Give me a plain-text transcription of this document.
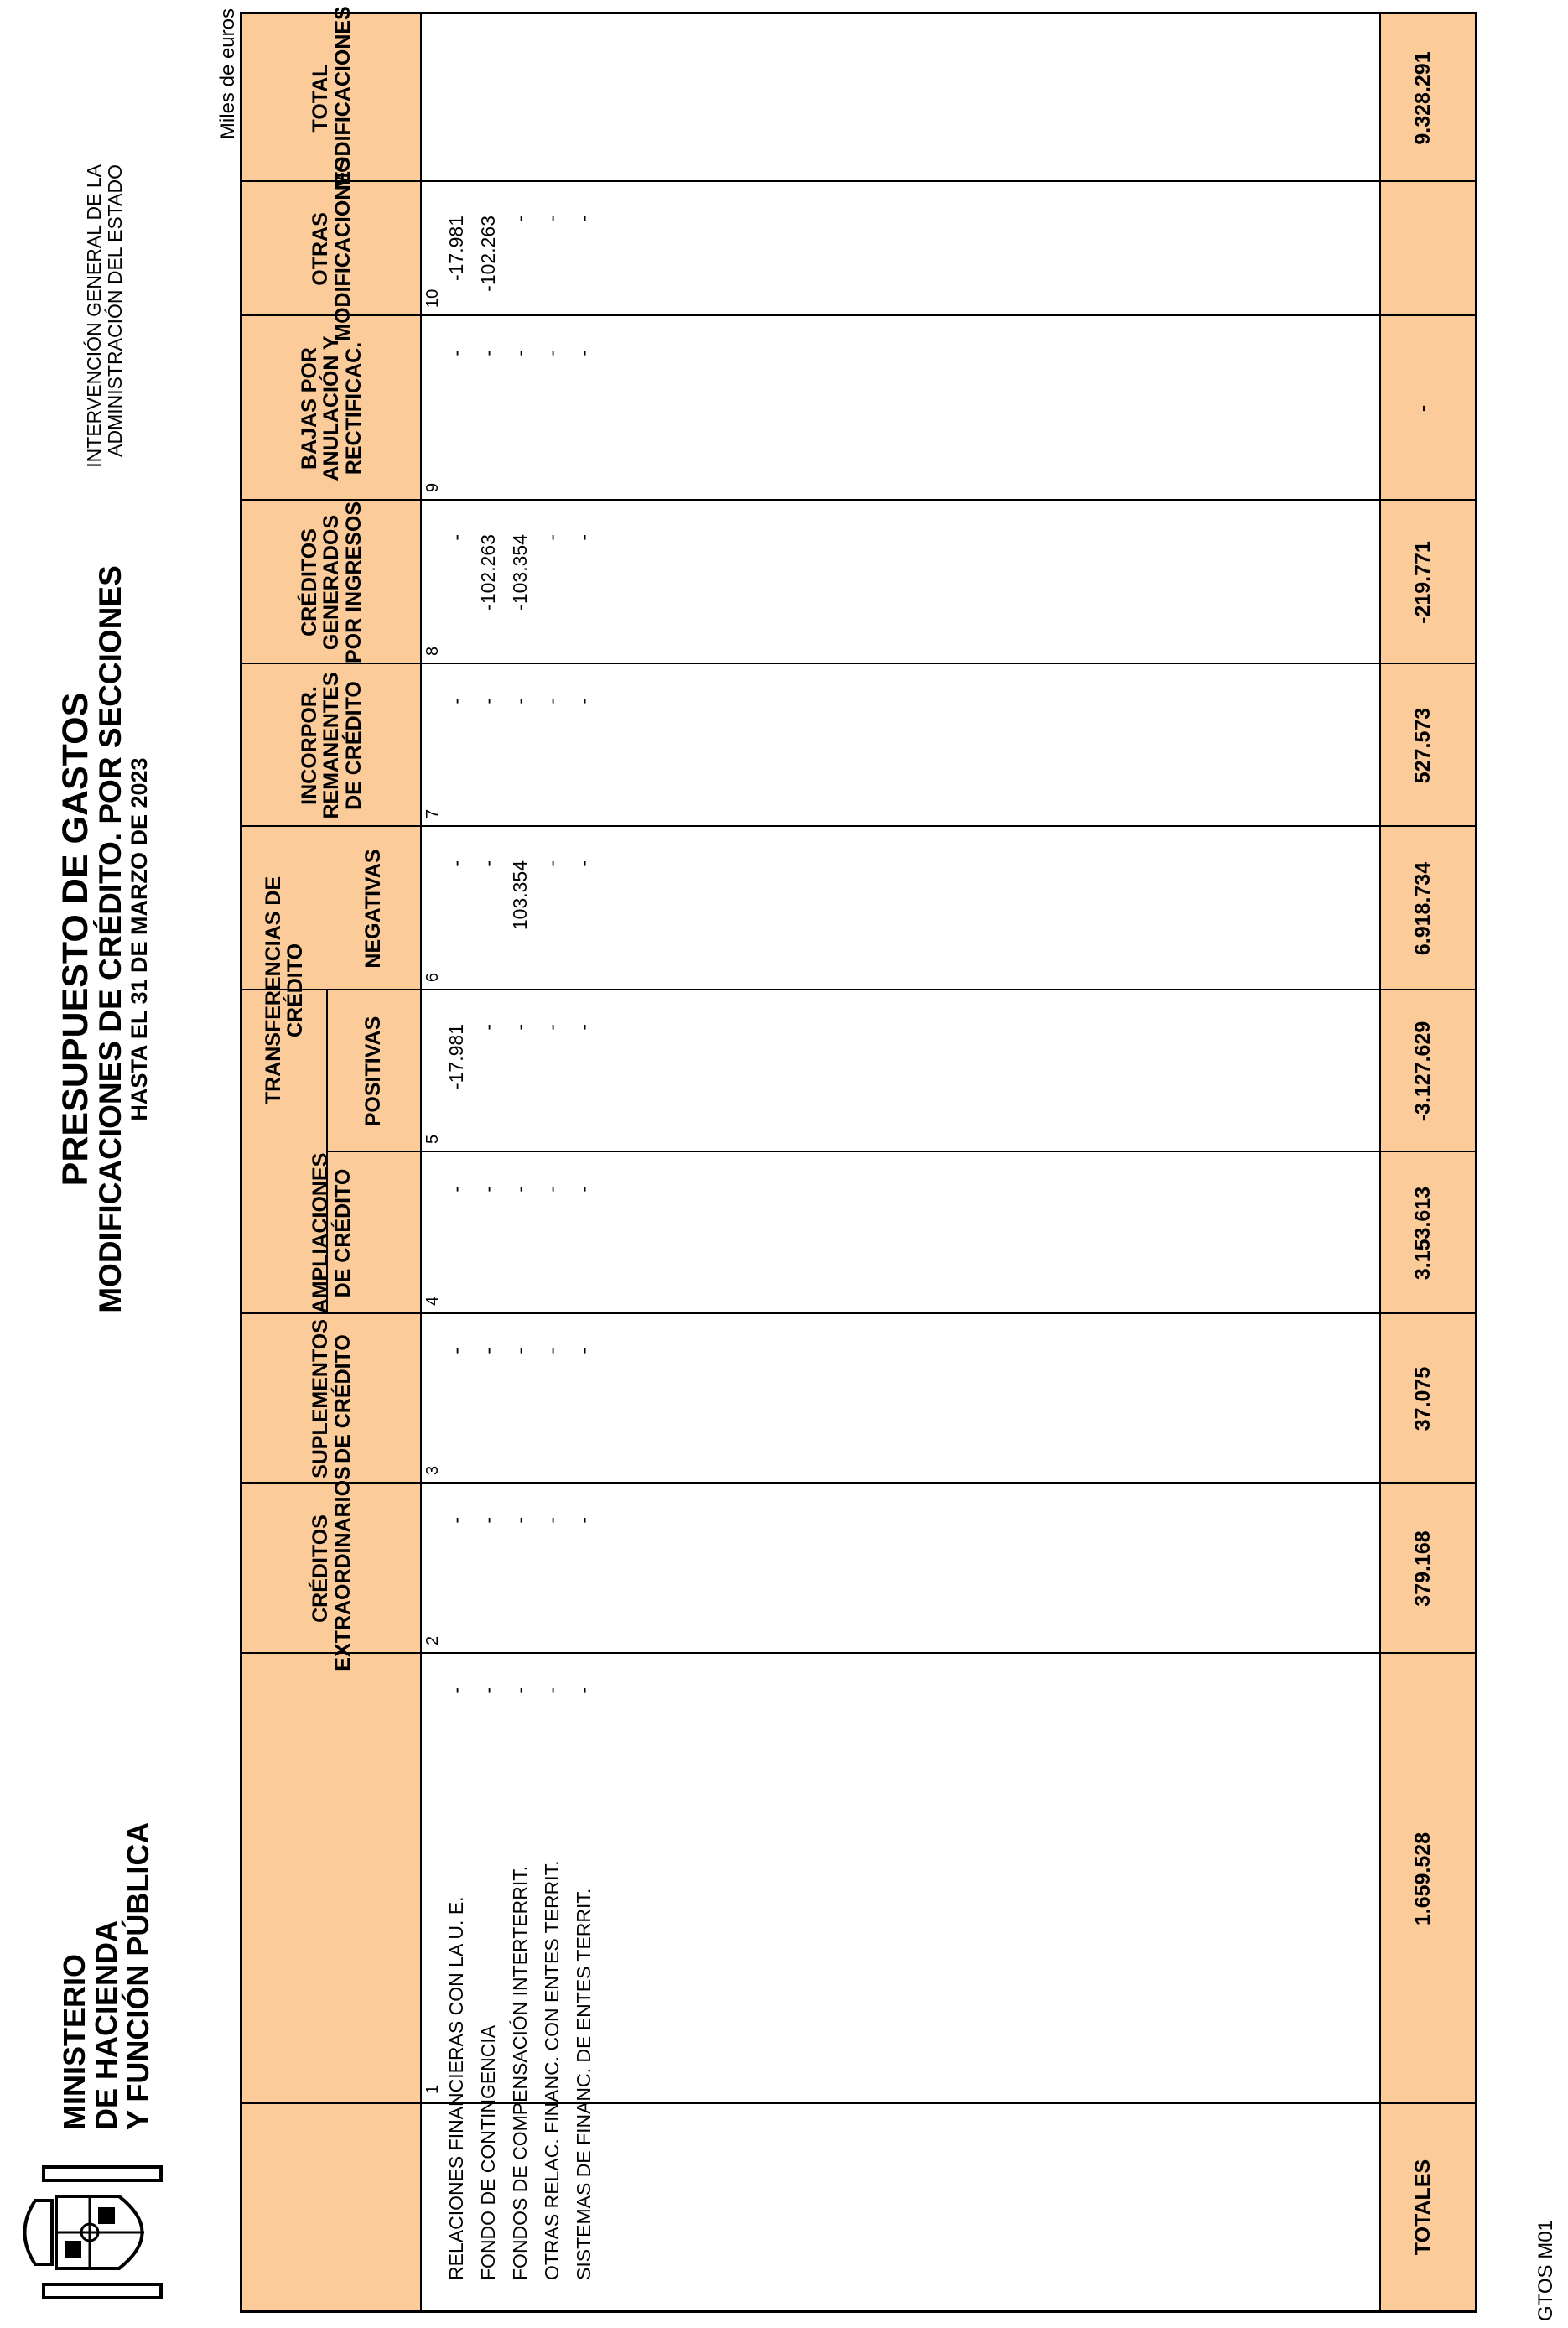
MINISTERIO
DE HACIENDA
Y FUNCIÓN PÚBLICA
PRESUPUESTO DE GASTOS
MODIFICACIONES DE CRÉDITO. POR SECCIONES
HASTA EL 31 DE MARZO DE 2023
INTERVENCIÓN GENERAL DE LA ADMINISTRACIÓN DEL ESTADO
Miles de euros
CRÉDITOS EXTRAORDINARIOS
SUPLEMENTOS DE CRÉDITO
AMPLIACIONES DE CRÉDITO
TRANSFERENCIAS DE CRÉDITO
POSITIVAS
NEGATIVAS
INCORPOR. REMANENTES DE CRÉDITO
CRÉDITOS GENERADOS POR INGRESOS
BAJAS POR ANULACIÓN Y RECTIFICAC.
OTRAS MODIFICACIONES
TOTAL MODIFICACIONES
1
2
3
4
5
6
7
8
9
10
RELACIONES FINANCIERAS CON LA U. E. FONDO DE CONTINGENCIA FONDOS DE COMPENSACIÓN INTERTERRIT. OTRAS RELAC. FINANC. CON ENTES TERRIT. SISTEMAS DE FINANC. DE ENTES TERRIT.
-
-
-
-
-17.981
-
-
-
-
-17.981
-
-
-
-
-
-
-
-102.263
-
-102.263
-
-
-
-
-
103.354
-
-103.354
-
-
-
-
-
-
-
-
-
-
-
-
-
-
-
-
-
-
-
-
-
-
TOTALES
1.659.528
379.168
37.075
3.153.613
-3.127.629
6.918.734
527.573
-219.771
-
9.328.291
GTOS M01
